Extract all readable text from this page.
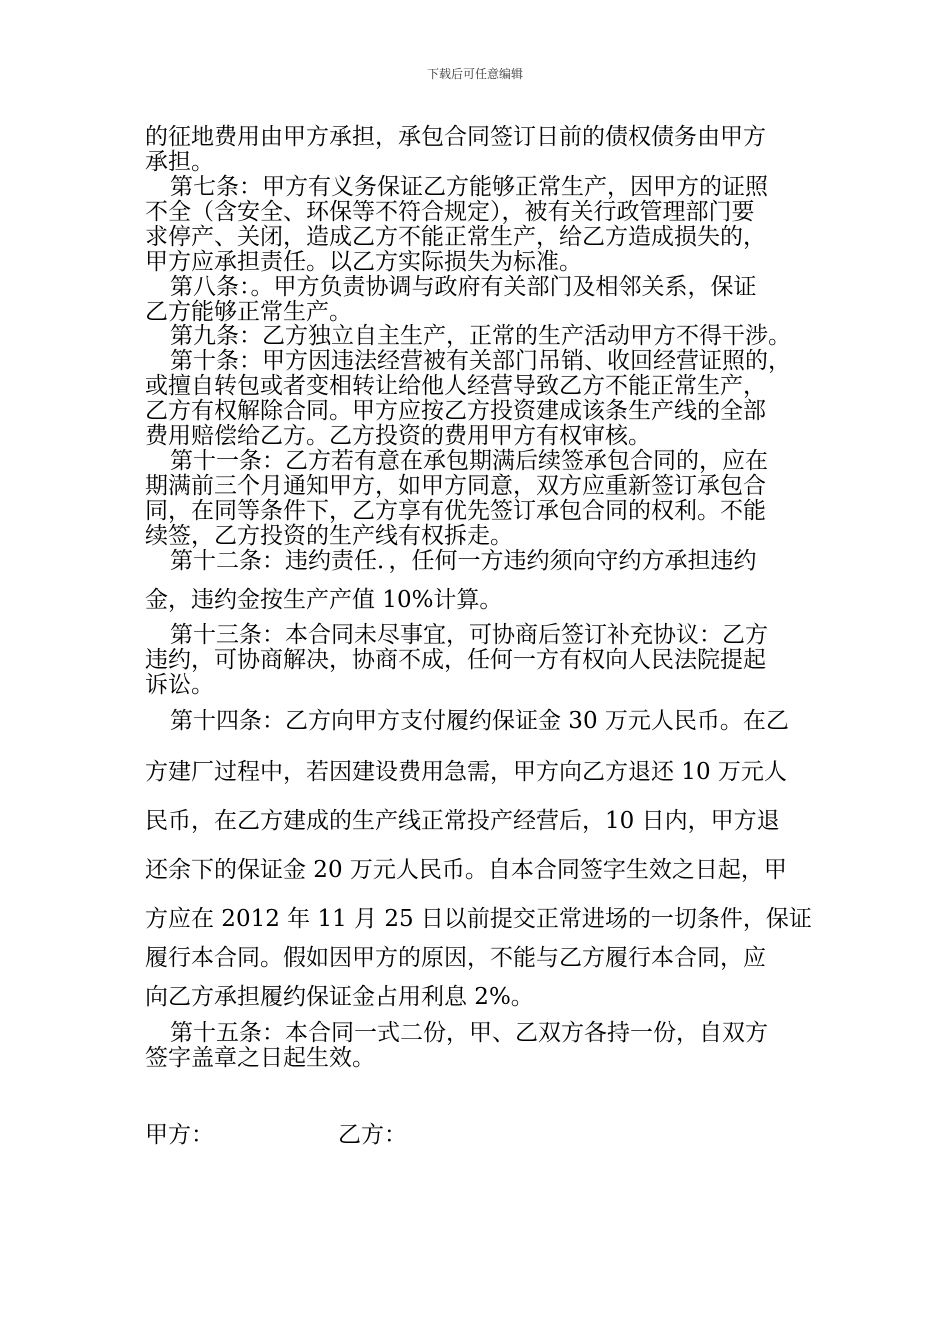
下载后可任意编辑
的征地费用由甲方承担，承包合同签订日前的债权债务由甲方
承担。
第七条：甲方有义务保证乙方能够正常生产，因甲方的证照
不全（含安全、环保等不符合规定），被有关行政管理部门要
求停产、关闭，造成乙方不能正常生产，给乙方造成损失的，
甲方应承担责任。以乙方实际损失为标准。
第八条：。甲方负责协调与政府有关部门及相邻关系，保证
乙方能够正常生产。
第九条：乙方独立自主生产，正常的生产活动甲方不得干涉。
第十条：甲方因违法经营被有关部门吊销、收回经营证照的，
或擅自转包或者变相转让给他人经营导致乙方不能正常生产，
乙方有权解除合同。甲方应按乙方投资建成该条生产线的全部
费用赔偿给乙方。乙方投资的费用甲方有权审核。
第十一条：乙方若有意在承包期满后续签承包合同的，应在
期满前三个月通知甲方，如甲方同意，双方应重新签订承包合
同，在同等条件下，乙方享有优先签订承包合同的权利。不能
续签，乙方投资的生产线有权拆走。
第十二条：违约责任．，任何一方违约须向守约方承担违约
金，违约金按生产产值 10%计算。
第十三条：本合同未尽事宜，可协商后签订补充协议：乙方
违约，可协商解决，协商不成，任何一方有权向人民法院提起
诉讼。
第十四条：乙方向甲方支付履约保证金 30 万元人民币。在乙
方建厂过程中，若因建设费用急需，甲方向乙方退还 10 万元人
民币，在乙方建成的生产线正常投产经营后，10 日内，甲方退
还余下的保证金 20 万元人民币。自本合同签字生效之日起，甲
方应在 2012 年 11 月 25 日以前提交正常进场的一切条件，保证
履行本合同。假如因甲方的原因，不能与乙方履行本合同，应
向乙方承担履约保证金占用利息 2%。
第十五条：本合同一式二份，甲、乙双方各持一份，自双方
签字盖章之日起生效。
甲方：	乙方：
